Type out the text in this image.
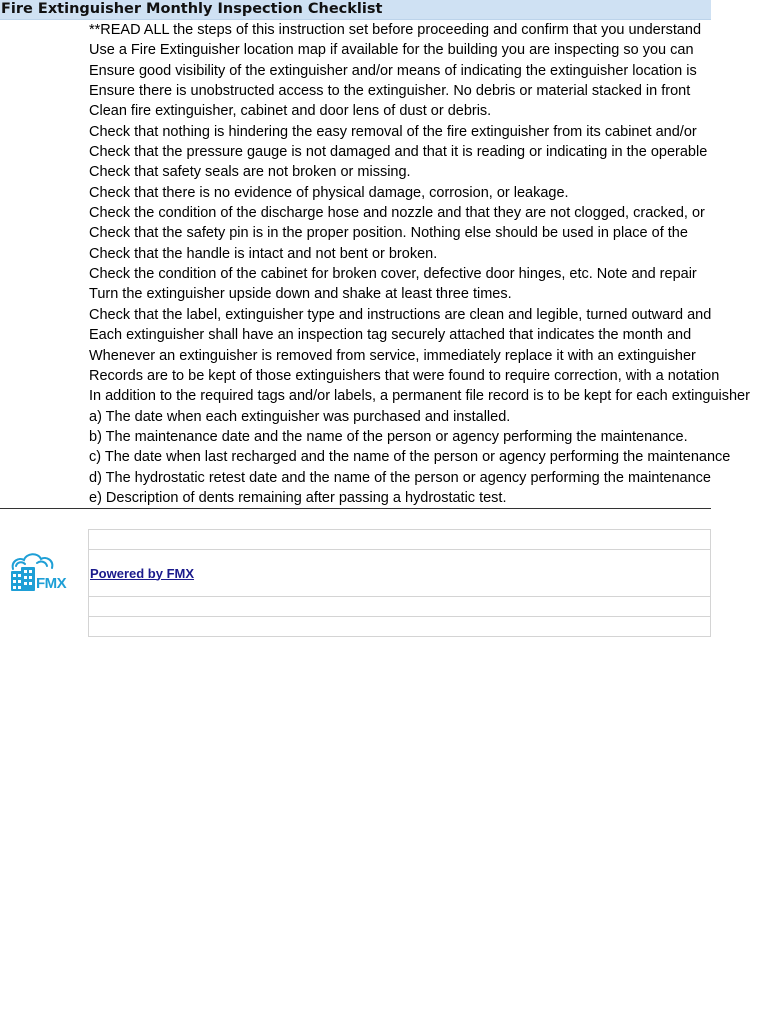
Fire Extinguisher Monthly Inspection Checklist
**READ ALL the steps of this instruction set before proceeding and confirm that you understand
Use a Fire Extinguisher location map if available for the building you are inspecting so you can
Ensure good visibility of the extinguisher and/or means of indicating the extinguisher location is
Ensure there is unobstructed access to the extinguisher. No debris or material stacked in front
Clean fire extinguisher, cabinet and door lens of dust or debris.
Check that nothing is hindering the easy removal of the fire extinguisher from its cabinet and/or
Check that the pressure gauge is not damaged and that it is reading or indicating in the operable
Check that safety seals are not broken or missing.
Check that there is no evidence of physical damage, corrosion, or leakage.
Check the condition of the discharge hose and nozzle and that they are not clogged, cracked, or
Check that the safety pin is in the proper position. Nothing else should be used in place of the
Check that the handle is intact and not bent or broken.
Check the condition of the cabinet for broken cover, defective door hinges, etc. Note and repair
Turn the extinguisher upside down and shake at least three times.
Check that the label, extinguisher type and instructions are clean and legible, turned outward and
Each extinguisher shall have an inspection tag securely attached that indicates the month and
Whenever an extinguisher is removed from service, immediately replace it with an extinguisher
Records are to be kept of those extinguishers that were found to require correction, with a notation
In addition to the required tags and/or labels, a permanent file record is to be kept for each extinguisher
a) The date when each extinguisher was purchased and installed.
b) The maintenance date and the name of the person or agency performing the maintenance.
c) The date when last recharged and the name of the person or agency performing the maintenance
d) The hydrostatic retest date and the name of the person or agency performing the maintenance
e) Description of dents remaining after passing a hydrostatic test.
FMX

Powered by FMX
